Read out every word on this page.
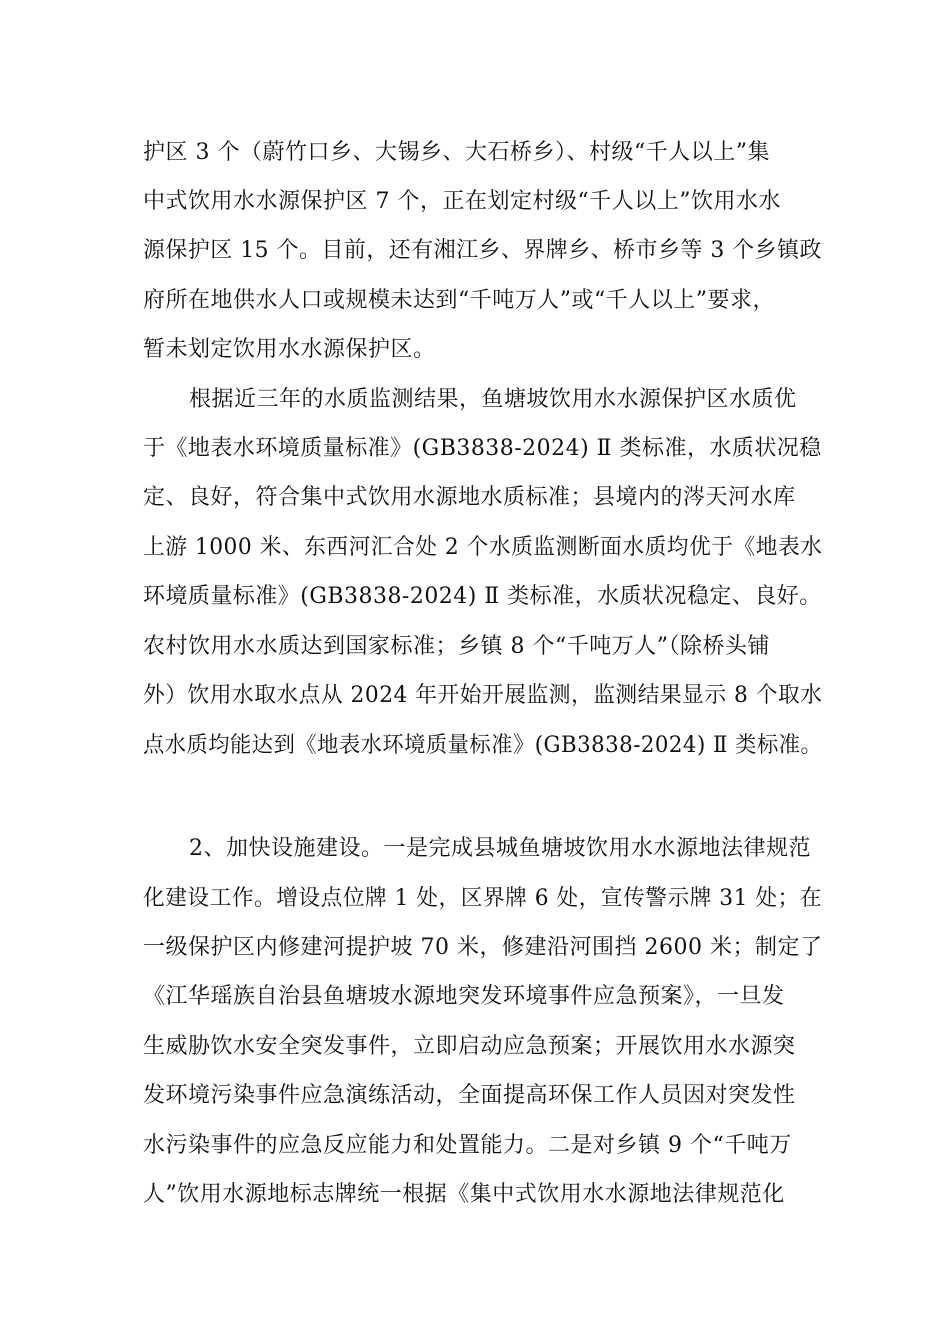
护区 3 个（蔚竹口乡、大锡乡、大石桥乡）、村级“千人以上”集
中式饮用水水源保护区 7 个，正在划定村级“千人以上”饮用水水
源保护区 15 个。目前，还有湘江乡、界牌乡、桥市乡等 3 个乡镇政
府所在地供水人口或规模未达到“千吨万人”或“千人以上”要求，
暂未划定饮用水水源保护区。
根据近三年的水质监测结果，鱼塘坡饮用水水源保护区水质优
于《地表水环境质量标准》(GB3838-2024) Ⅱ 类标准，水质状况稳
定、良好，符合集中式饮用水源地水质标准；县境内的涔天河水库
上游 1000 米、东西河汇合处 2 个水质监测断面水质均优于《地表水
环境质量标准》(GB3838-2024) Ⅱ 类标准，水质状况稳定、良好。
农村饮用水水质达到国家标准；乡镇 8 个“千吨万人”（除桥头铺
外）饮用水取水点从 2024 年开始开展监测，监测结果显示 8 个取水
点水质均能达到《地表水环境质量标准》(GB3838-2024) Ⅱ 类标准。
2、加快设施建设。一是完成县城鱼塘坡饮用水水源地法律规范
化建设工作。增设点位牌 1 处，区界牌 6 处，宣传警示牌 31 处；在
一级保护区内修建河提护坡 70 米，修建沿河围挡 2600 米；制定了
《江华瑶族自治县鱼塘坡水源地突发环境事件应急预案》，一旦发
生威胁饮水安全突发事件，立即启动应急预案；开展饮用水水源突
发环境污染事件应急演练活动，全面提高环保工作人员因对突发性
水污染事件的应急反应能力和处置能力。二是对乡镇 9 个“千吨万
人”饮用水源地标志牌统一根据《集中式饮用水水源地法律规范化
